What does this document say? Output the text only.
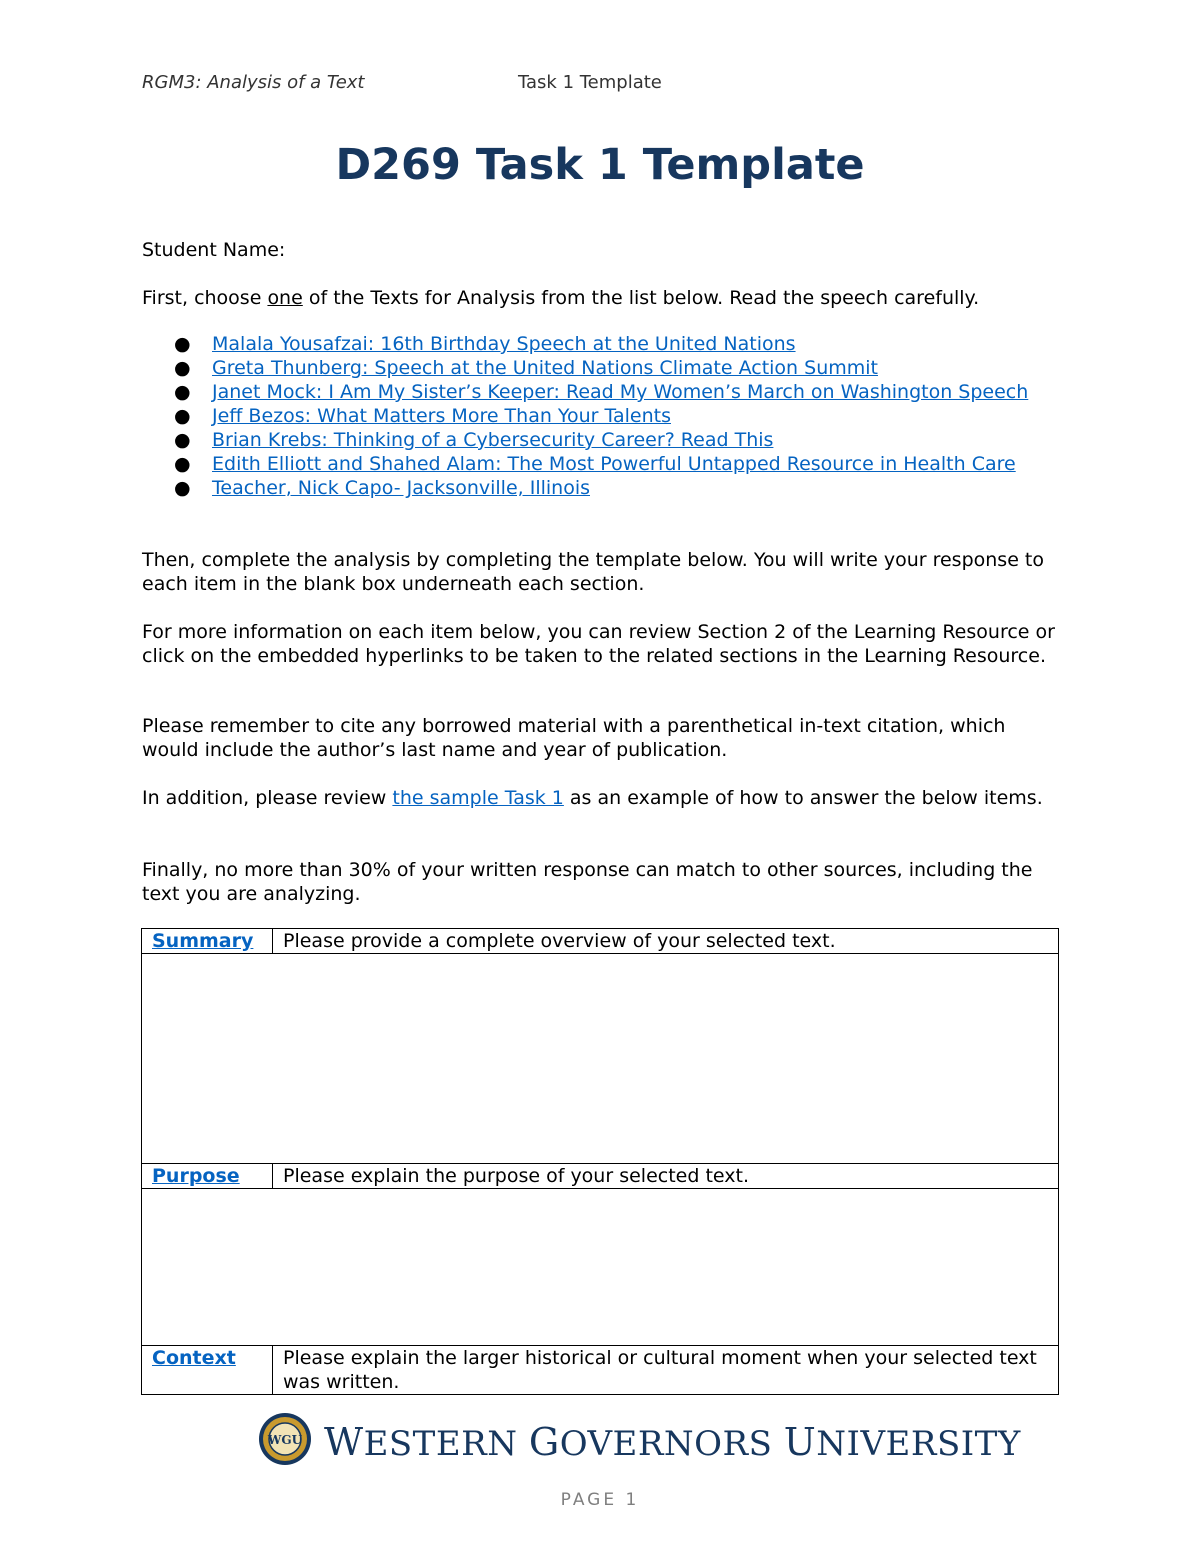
RGM3: Analysis of a Text	Task 1 Template
D269 Task 1 Template

Student Name:

First, choose one of the Texts for Analysis from the list below. Read the speech carefully.

● Malala Yousafzai: 16th Birthday Speech at the United Nations
● Greta Thunberg: Speech at the United Nations Climate Action Summit
● Janet Mock: I Am My Sister’s Keeper: Read My Women’s March on Washington Speech
● Jeff Bezos: What Matters More Than Your Talents
● Brian Krebs: Thinking of a Cybersecurity Career? Read This
● Edith Elliott and Shahed Alam: The Most Powerful Untapped Resource in Health Care
● Teacher, Nick Capo- Jacksonville, Illinois

Then, complete the analysis by completing the template below. You will write your response to each item in the blank box underneath each section.

For more information on each item below, you can review Section 2 of the Learning Resource or click on the embedded hyperlinks to be taken to the related sections in the Learning Resource.

Please remember to cite any borrowed material with a parenthetical in-text citation, which would include the author’s last name and year of publication.

In addition, please review the sample Task 1 as an example of how to answer the below items.

Finally, no more than 30% of your written response can match to other sources, including the text you are analyzing.

Summary	Please provide a complete overview of your selected text.

Purpose	Please explain the purpose of your selected text.

Context	Please explain the larger historical or cultural moment when your selected text was written.
WGU WESTERN GOVERNORS UNIVERSITY
PAGE 1
